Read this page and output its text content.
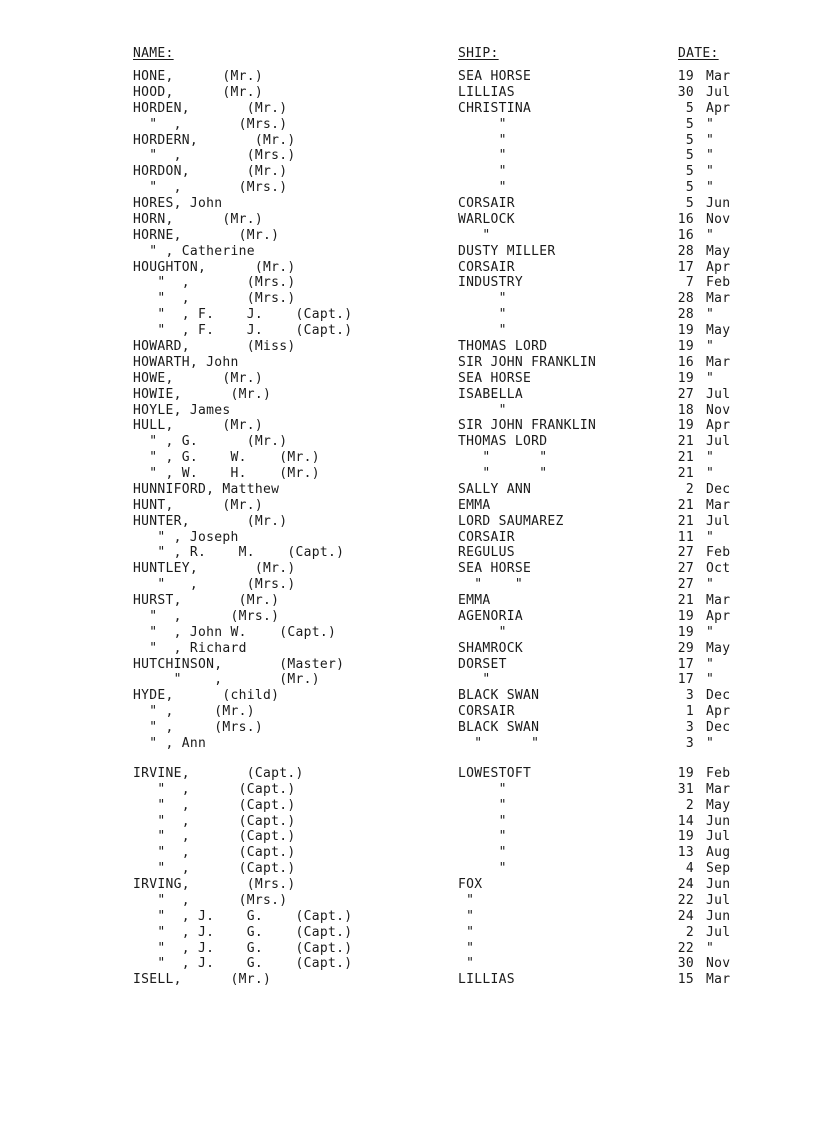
NAME:	SHIP:	DATE:
HONE,      (Mr.)	SEA HORSE	19 Mar
HOOD,      (Mr.)	LILLIAS	30 Jul
HORDEN,       (Mr.)	CHRISTINA	5 Apr
"  ,       (Mrs.)	"	5 "
HORDERN,       (Mr.)	"	5 "
"  ,        (Mrs.)	"	5 "
HORDON,       (Mr.)	"	5 "
"  ,       (Mrs.)	"	5 "
HORES, John	CORSAIR	5 Jun
HORN,      (Mr.)	WARLOCK	16 Nov
HORNE,       (Mr.)	"	16 "
" , Catherine	DUSTY MILLER	28 May
HOUGHTON,      (Mr.)	CORSAIR	17 Apr
"  ,       (Mrs.)	INDUSTRY	7 Feb
"  ,       (Mrs.)	"	28 Mar
"  , F.    J.    (Capt.)	"	28 "
"  , F.    J.    (Capt.)	"	19 May
HOWARD,       (Miss)	THOMAS LORD	19 "
HOWARTH, John	SIR JOHN FRANKLIN	16 Mar
HOWE,      (Mr.)	SEA HORSE	19 "
HOWIE,      (Mr.)	ISABELLA	27 Jul
HOYLE, James	"	18 Nov
HULL,      (Mr.)	SIR JOHN FRANKLIN	19 Apr
" , G.      (Mr.)	THOMAS LORD	21 Jul
" , G.    W.    (Mr.)	"      "	21 "
" , W.    H.    (Mr.)	"      "	21 "
HUNNIFORD, Matthew	SALLY ANN	2 Dec
HUNT,      (Mr.)	EMMA	21 Mar
HUNTER,       (Mr.)	LORD SAUMAREZ	21 Jul
" , Joseph	CORSAIR	11 "
" , R.    M.    (Capt.)	REGULUS	27 Feb
HUNTLEY,       (Mr.)	SEA HORSE	27 Oct
"   ,      (Mrs.)	"    "	27 "
HURST,       (Mr.)	EMMA	21 Mar
"  ,      (Mrs.)	AGENORIA	19 Apr
"  , John W.    (Capt.)	"	19 "
"  , Richard	SHAMROCK	29 May
HUTCHINSON,       (Master)	DORSET	17 "
"    ,       (Mr.)	"	17 "
HYDE,      (child)	BLACK SWAN	3 Dec
" ,     (Mr.)	CORSAIR	1 Apr
" ,     (Mrs.)	BLACK SWAN	3 Dec
" , Ann	"      "	3 "
IRVINE,       (Capt.)	LOWESTOFT	19 Feb
"  ,      (Capt.)	"	31 Mar
"  ,      (Capt.)	"	2 May
"  ,      (Capt.)	"	14 Jun
"  ,      (Capt.)	"	19 Jul
"  ,      (Capt.)	"	13 Aug
"  ,      (Capt.)	"	4 Sep
IRVING,       (Mrs.)	FOX	24 Jun
"  ,      (Mrs.)	"	22 Jul
"  , J.    G.    (Capt.)	"	24 Jun
"  , J.    G.    (Capt.)	"	2 Jul
"  , J.    G.    (Capt.)	"	22 "
"  , J.    G.    (Capt.)	"	30 Nov
ISELL,      (Mr.)	LILLIAS	15 Mar
